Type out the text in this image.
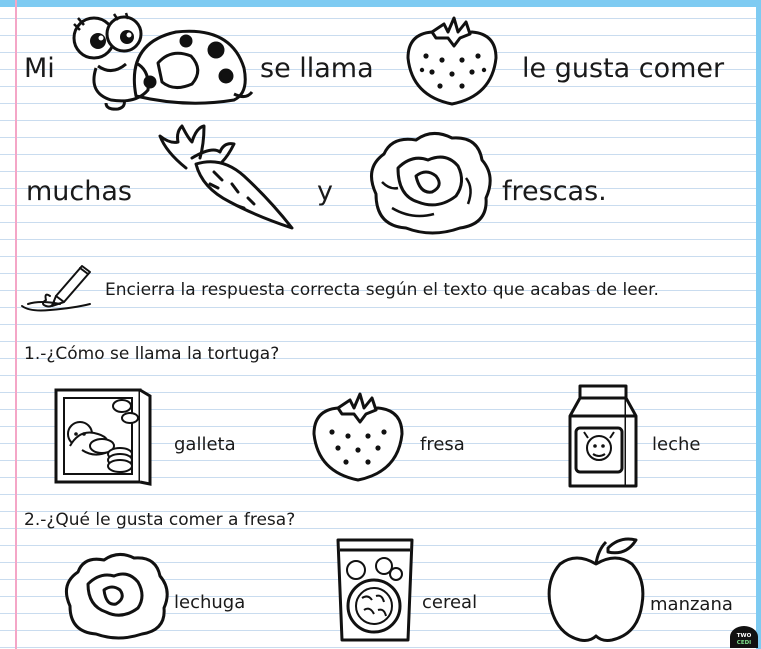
Mi	se llama	le gusta comer
muchas	y	frescas.
Encierra la respuesta correcta según el texto que acabas de leer.
1.-¿Cómo se llama la tortuga?
galleta	fresa	leche
2.-¿Qué le gusta comer a fresa?
lechuga	cereal	manzana
TWO
CEDI
